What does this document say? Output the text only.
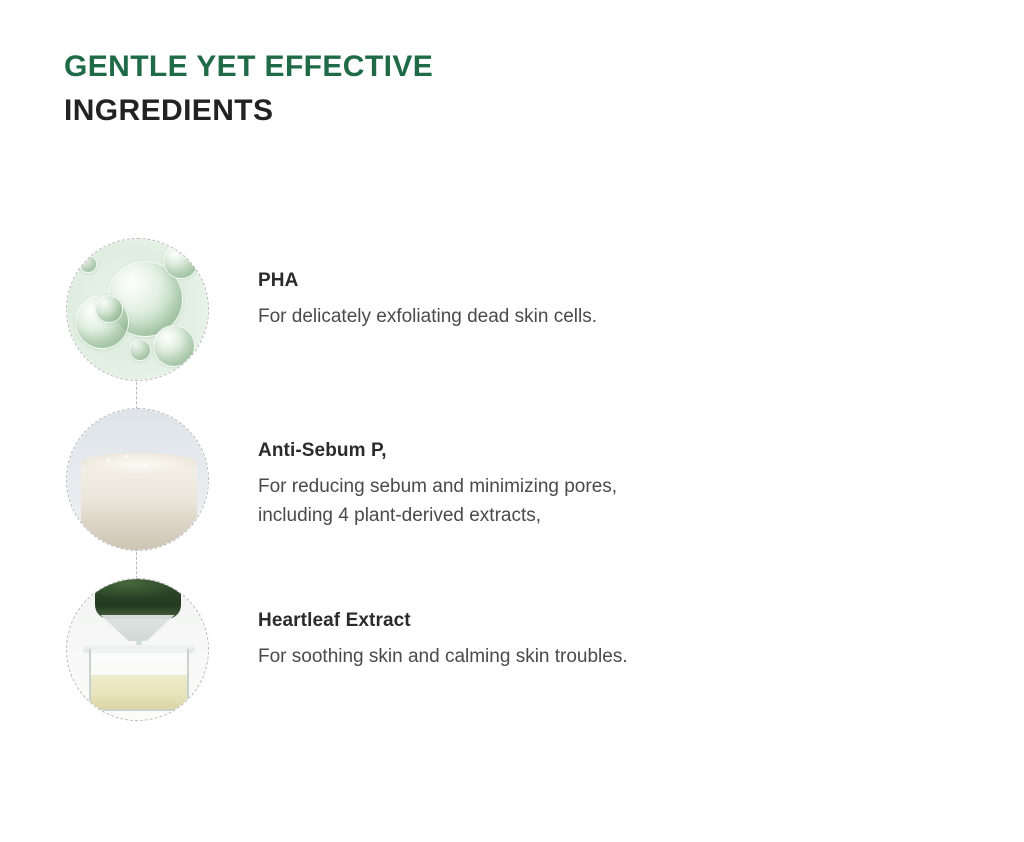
GENTLE YET EFFECTIVE
INGREDIENTS

PHA

For delicately exfoliating dead skin cells.

Anti-Sebum P,

For reducing sebum and minimizing pores,

including 4 plant-derived extracts,

Heartleaf Extract

For soothing skin and calming skin troubles.
